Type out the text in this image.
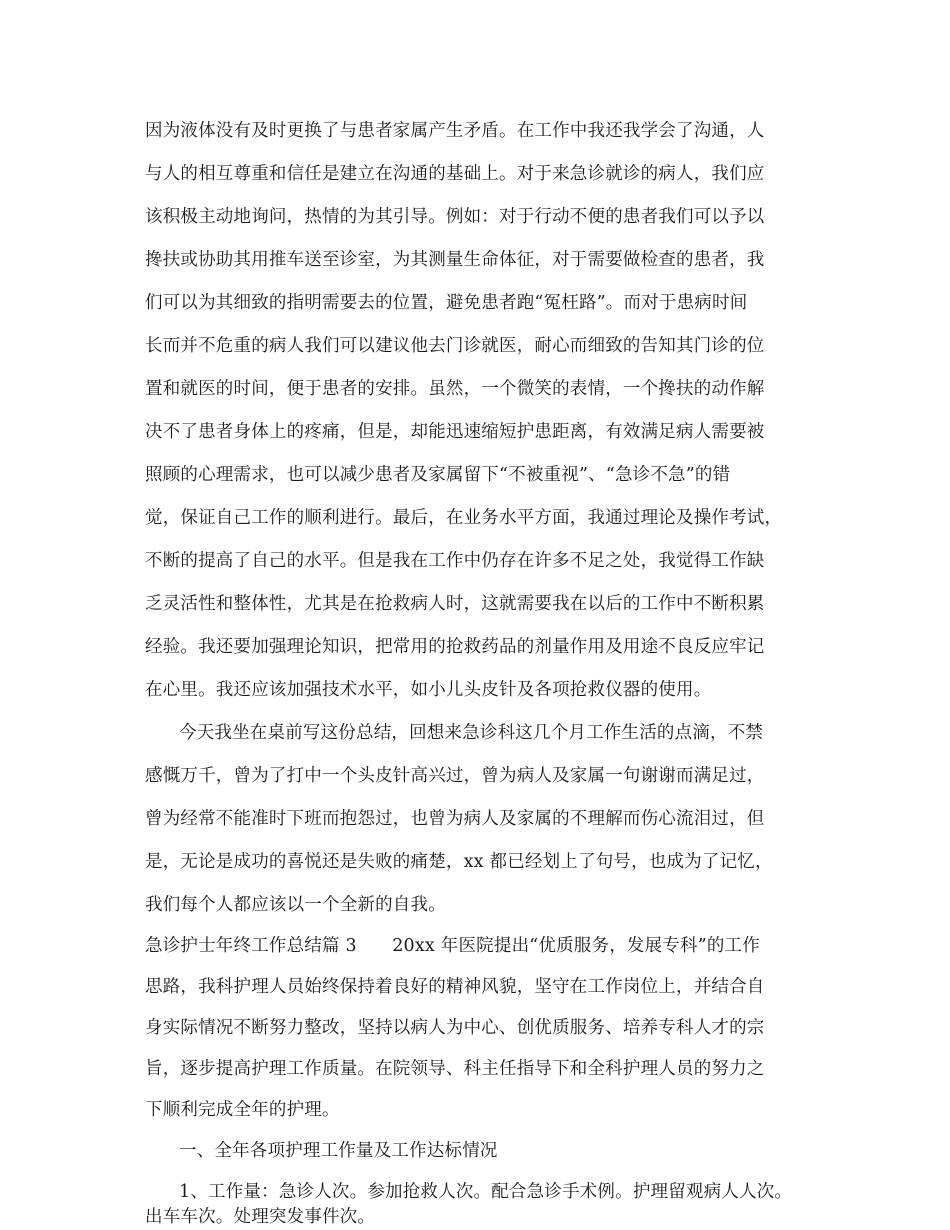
因为液体没有及时更换了与患者家属产生矛盾。在工作中我还我学会了沟通，人
与人的相互尊重和信任是建立在沟通的基础上。对于来急诊就诊的病人，我们应
该积极主动地询问，热情的为其引导。例如：对于行动不便的患者我们可以予以
搀扶或协助其用推车送至诊室，为其测量生命体征，对于需要做检查的患者，我
们可以为其细致的指明需要去的位置，避免患者跑“冤枉路”。而对于患病时间
长而并不危重的病人我们可以建议他去门诊就医，耐心而细致的告知其门诊的位
置和就医的时间，便于患者的安排。虽然，一个微笑的表情，一个搀扶的动作解
决不了患者身体上的疼痛，但是，却能迅速缩短护患距离，有效满足病人需要被
照顾的心理需求，也可以减少患者及家属留下“不被重视”、“急诊不急”的错
觉，保证自己工作的顺利进行。最后，在业务水平方面，我通过理论及操作考试，
不断的提高了自己的水平。但是我在工作中仍存在许多不足之处，我觉得工作缺
乏灵活性和整体性，尤其是在抢救病人时，这就需要我在以后的工作中不断积累
经验。我还要加强理论知识，把常用的抢救药品的剂量作用及用途不良反应牢记
在心里。我还应该加强技术水平，如小儿头皮针及各项抢救仪器的使用。
今天我坐在桌前写这份总结，回想来急诊科这几个月工作生活的点滴，不禁
感慨万千，曾为了打中一个头皮针高兴过，曾为病人及家属一句谢谢而满足过，
曾为经常不能准时下班而抱怨过，也曾为病人及家属的不理解而伤心流泪过，但
是，无论是成功的喜悦还是失败的痛楚，xx 都已经划上了句号，也成为了记忆，
我们每个人都应该以一个全新的自我。
急诊护士年终工作总结篇 3　　20xx 年医院提出“优质服务，发展专科”的工作
思路，我科护理人员始终保持着良好的精神风貌，坚守在工作岗位上，并结合自
身实际情况不断努力整改，坚持以病人为中心、创优质服务、培养专科人才的宗
旨，逐步提高护理工作质量。在院领导、科主任指导下和全科护理人员的努力之
下顺利完成全年的护理。
一、全年各项护理工作量及工作达标情况
1、工作量：急诊人次。参加抢救人次。配合急诊手术例。护理留观病人人次。
出车车次。处理突发事件次。
